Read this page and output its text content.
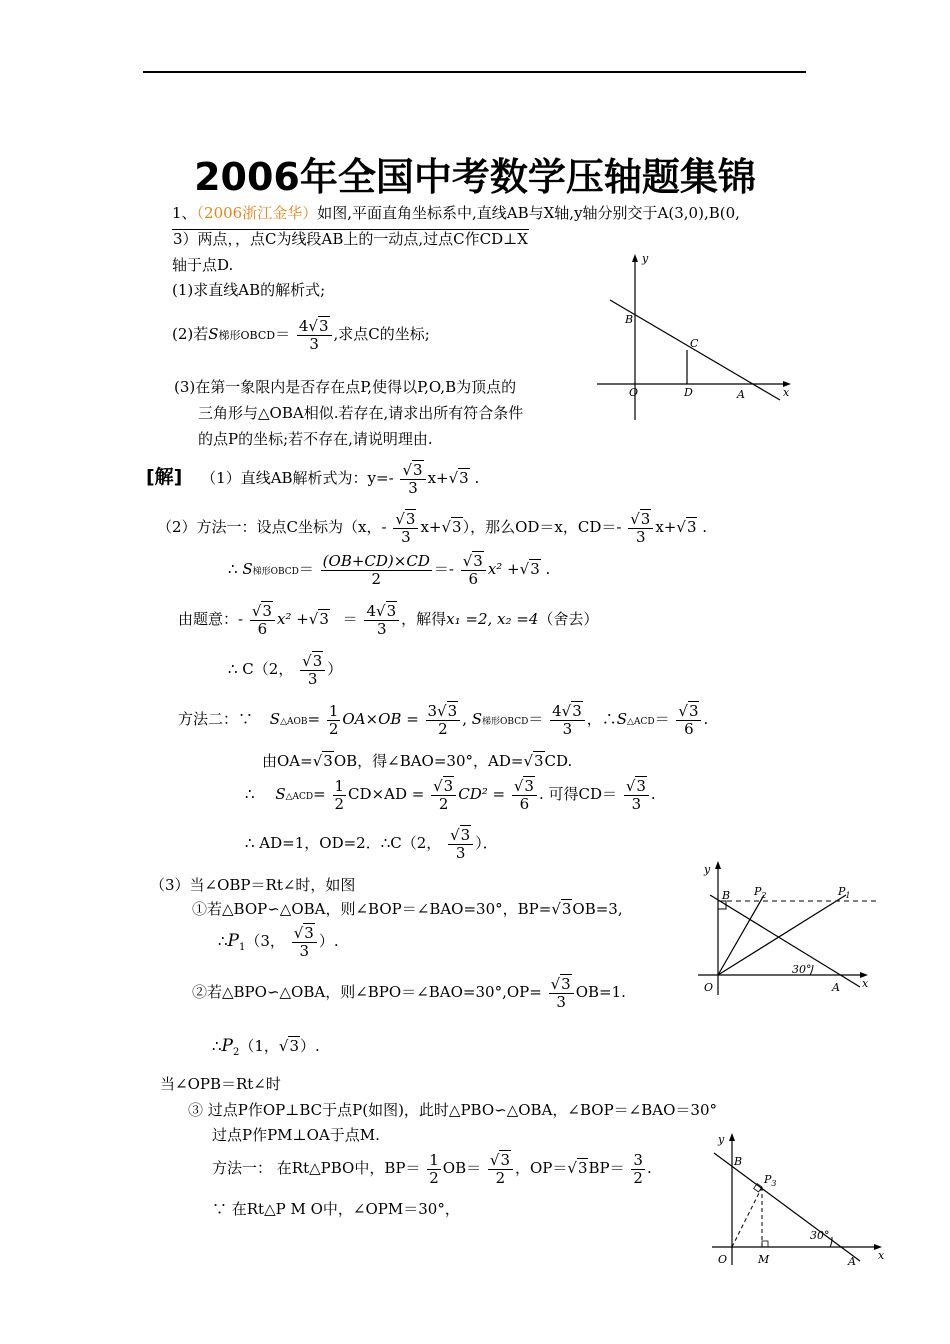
2006年全国中考数学压轴题集锦
1、（2006浙江金华）如图,平面直角坐标系中,直线AB与X轴,y轴分别交于A(3,0),B(0,
3）两点，，点C为线段AB上的一动点,过点C作CD⊥X
轴于点D.
(1)求直线AB的解析式;
(2)若S梯形OBCD＝ $\frac{4√3}{3}$ ,求点C的坐标;
(3)在第一象限内是否存在点P,使得以P,O,B为顶点的
三角形与△OBA相似.若存在,请求出所有符合条件
的点P的坐标;若不存在,请说明理由.
y
B
C
O	D	A	x
[解] （1）直线AB解析式为：$y=- \frac{√3}{3} x+√3$ .
（2）方法一：设点C坐标为（x，- $\frac{√3}{3} x+√3$），那么OD＝x，$CD=- \frac{√3}{3} x+√3$ .
∴ S梯形OBCD＝ $\frac{(OB+CD)\times CD}{2} =- \frac{√3}{6} x^2 +√3$ .
由题意：- $\frac{√3}{6} x^2 +√3 = \frac{4√3}{3}$ ，解得x₁ =2, x₂ =4（舍去）
∴ C（2， $\frac{√3}{3}$ ）
方法二：∵ S△AOB= $\frac{1}{2} OA\times OB = \frac{3√3}{2}$ , S梯形OBCD＝ $\frac{4√3}{3}$ ，∴S△ACD＝ $\frac{√3}{6}$ .
由OA=√3OB，得∠BAO=30°，AD=√3CD.
∴ S△ACD= $\frac{1}{2} CD\times AD = \frac{√3}{2} CD^2 = \frac{√3}{6}$ . 可得$CD= \frac{√3}{3}$ .
∴ AD=1，OD=2．∴C（2， $\frac{√3}{3}$ ）．
（3）当∠OBP＝Rt∠时，如图
①若△BOP∽△OBA，则∠BOP＝∠BAO=30°，BP=√3OB=3,
$\therefore P_1(3$， $\frac{√3}{3}$ ）.
②若△BPO∽△OBA，则∠BPO＝∠BAO=30°,OP= $\frac{√3}{3} OB=1$.
$\therefore P_2(1$，√3）.
y
B $P_2$	$P_1$
30°
O	A x
当∠OPB＝Rt∠时
③ 过点P作OP⊥BC于点P(如图)，此时△PBO∽△OBA，∠BOP＝∠BAO＝30°
过点P作PM⊥OA于点M.
方法一： 在Rt△PBO中，$BP= \frac{1}{2} OB= \frac{√3}{2}$ ，$OP=√3BP= \frac{3}{2}$ .
∵ 在Rt△P M O中，∠OPM＝30°，
y
B
$P_3$
30°
O	M	A x
